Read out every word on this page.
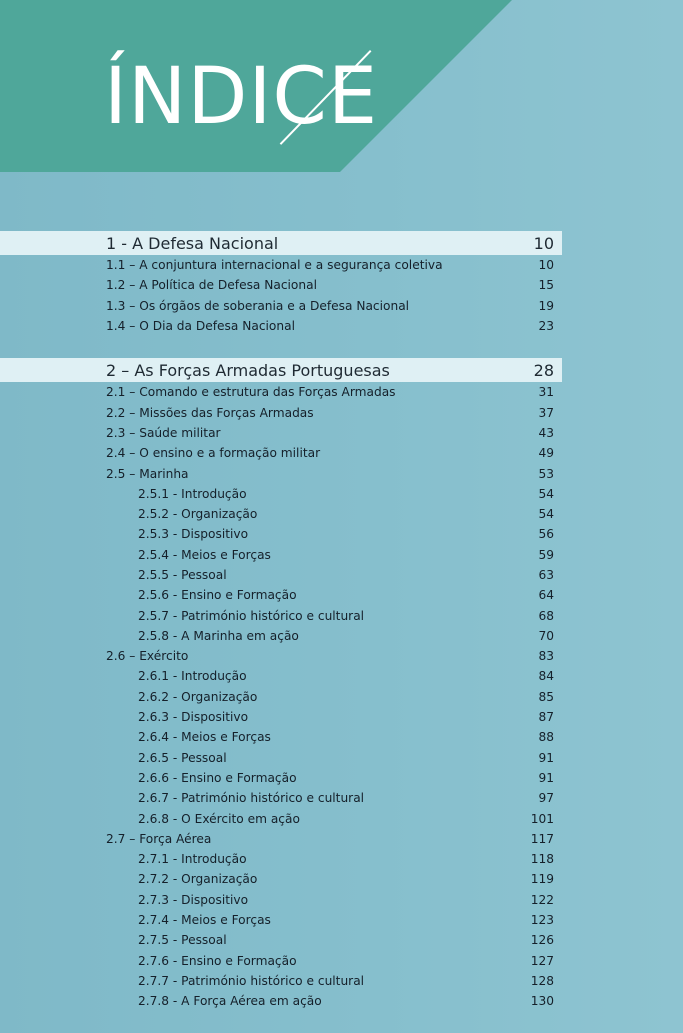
ÍNDICE
1 - A Defesa Nacional	10
1.1 – A conjuntura internacional e a segurança coletiva	10
1.2 – A Política de Defesa Nacional	15
1.3 – Os órgãos de soberania e a Defesa Nacional	19
1.4 – O Dia da Defesa Nacional	23
2 – As Forças Armadas Portuguesas	28
2.1 – Comando e estrutura das Forças Armadas	31
2.2 – Missões das Forças Armadas	37
2.3 – Saúde militar	43
2.4 – O ensino e a formação militar	49
2.5 – Marinha	53
2.5.1 - Introdução	54
2.5.2 - Organização	54
2.5.3 - Dispositivo	56
2.5.4 - Meios e Forças	59
2.5.5 - Pessoal	63
2.5.6 - Ensino e Formação	64
2.5.7 - Património histórico e cultural	68
2.5.8 - A Marinha em ação	70
2.6 – Exército	83
2.6.1 - Introdução	84
2.6.2 - Organização	85
2.6.3 - Dispositivo	87
2.6.4 - Meios e Forças	88
2.6.5 - Pessoal	91
2.6.6 - Ensino e Formação	91
2.6.7 - Património histórico e cultural	97
2.6.8 - O Exército em ação	101
2.7 – Força Aérea	117
2.7.1 - Introdução	118
2.7.2 - Organização	119
2.7.3 - Dispositivo	122
2.7.4 - Meios e Forças	123
2.7.5 - Pessoal	126
2.7.6 - Ensino e Formação	127
2.7.7 - Património histórico e cultural	128
2.7.8 - A Força Aérea em ação	130
